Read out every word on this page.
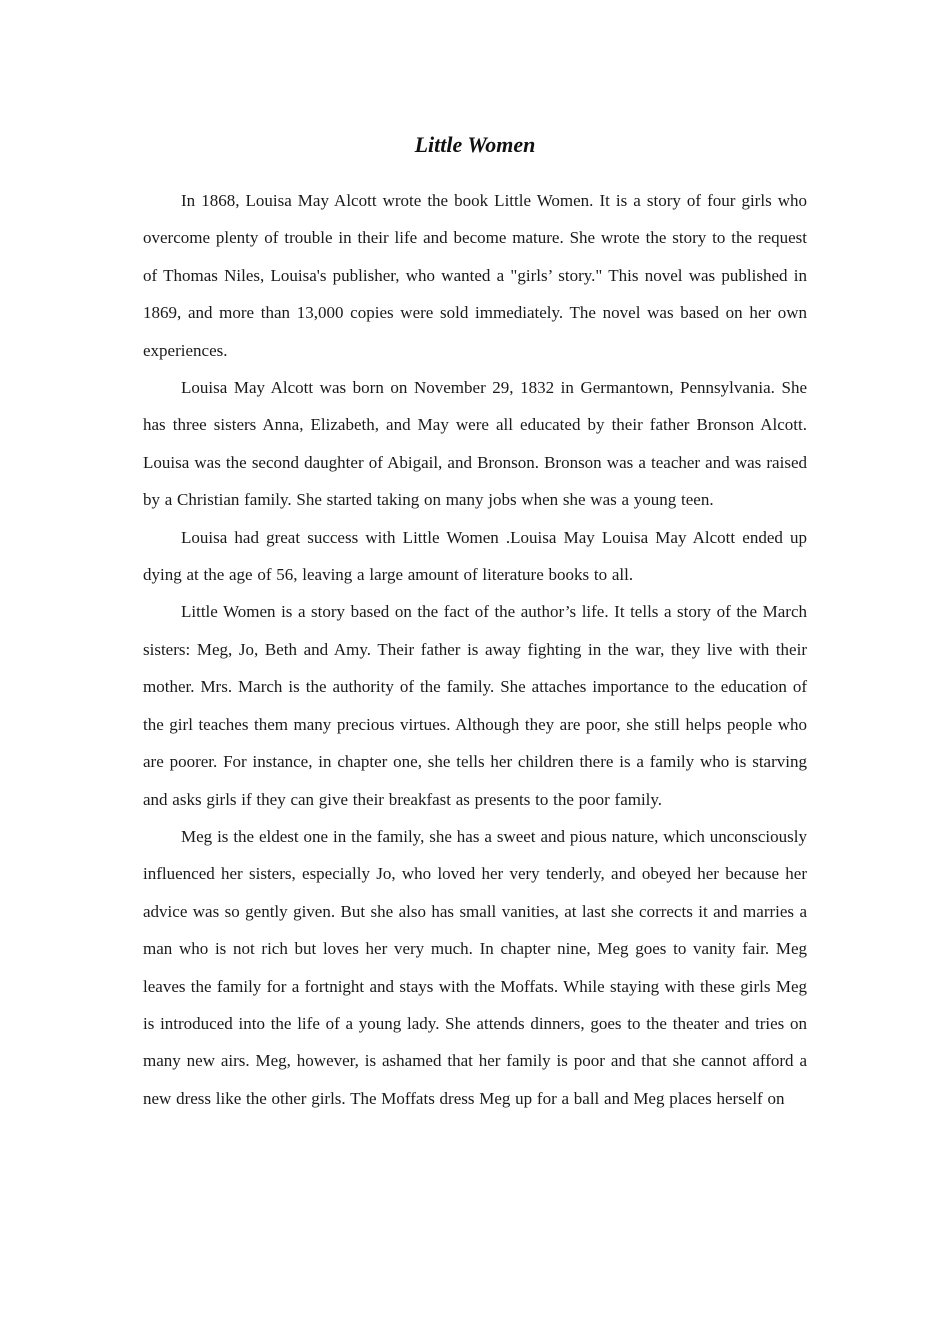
Little Women

In 1868, Louisa May Alcott wrote the book Little Women. It is a story of four girls who overcome plenty of trouble in their life and become mature. She wrote the story to the request of Thomas Niles, Louisa's publisher, who wanted a "girls’ story." This novel was published in 1869, and more than 13,000 copies were sold immediately. The novel was based on her own experiences.

Louisa May Alcott was born on November 29, 1832 in Germantown, Pennsylvania. She has three sisters Anna, Elizabeth, and May were all educated by their father Bronson Alcott. Louisa was the second daughter of Abigail, and Bronson. Bronson was a teacher and was raised by a Christian family. She started taking on many jobs when she was a young teen.

Louisa had great success with Little Women .Louisa May Louisa May Alcott ended up dying at the age of 56, leaving a large amount of literature books to all.

Little Women is a story based on the fact of the author’s life. It tells a story of the March sisters: Meg, Jo, Beth and Amy. Their father is away fighting in the war, they live with their mother. Mrs. March is the authority of the family. She attaches importance to the education of the girl teaches them many precious virtues. Although they are poor, she still helps people who are poorer. For instance, in chapter one, she tells her children there is a family who is starving and asks girls if they can give their breakfast as presents to the poor family.

Meg is the eldest one in the family, she has a sweet and pious nature, which unconsciously influenced her sisters, especially Jo, who loved her very tenderly, and obeyed her because her advice was so gently given. But she also has small vanities, at last she corrects it and marries a man who is not rich but loves her very much. In chapter nine, Meg goes to vanity fair. Meg leaves the family for a fortnight and stays with the Moffats. While staying with these girls Meg is introduced into the life of a young lady. She attends dinners, goes to the theater and tries on many new airs. Meg, however, is ashamed that her family is poor and that she cannot afford a new dress like the other girls. The Moffats dress Meg up for a ball and Meg places herself on
